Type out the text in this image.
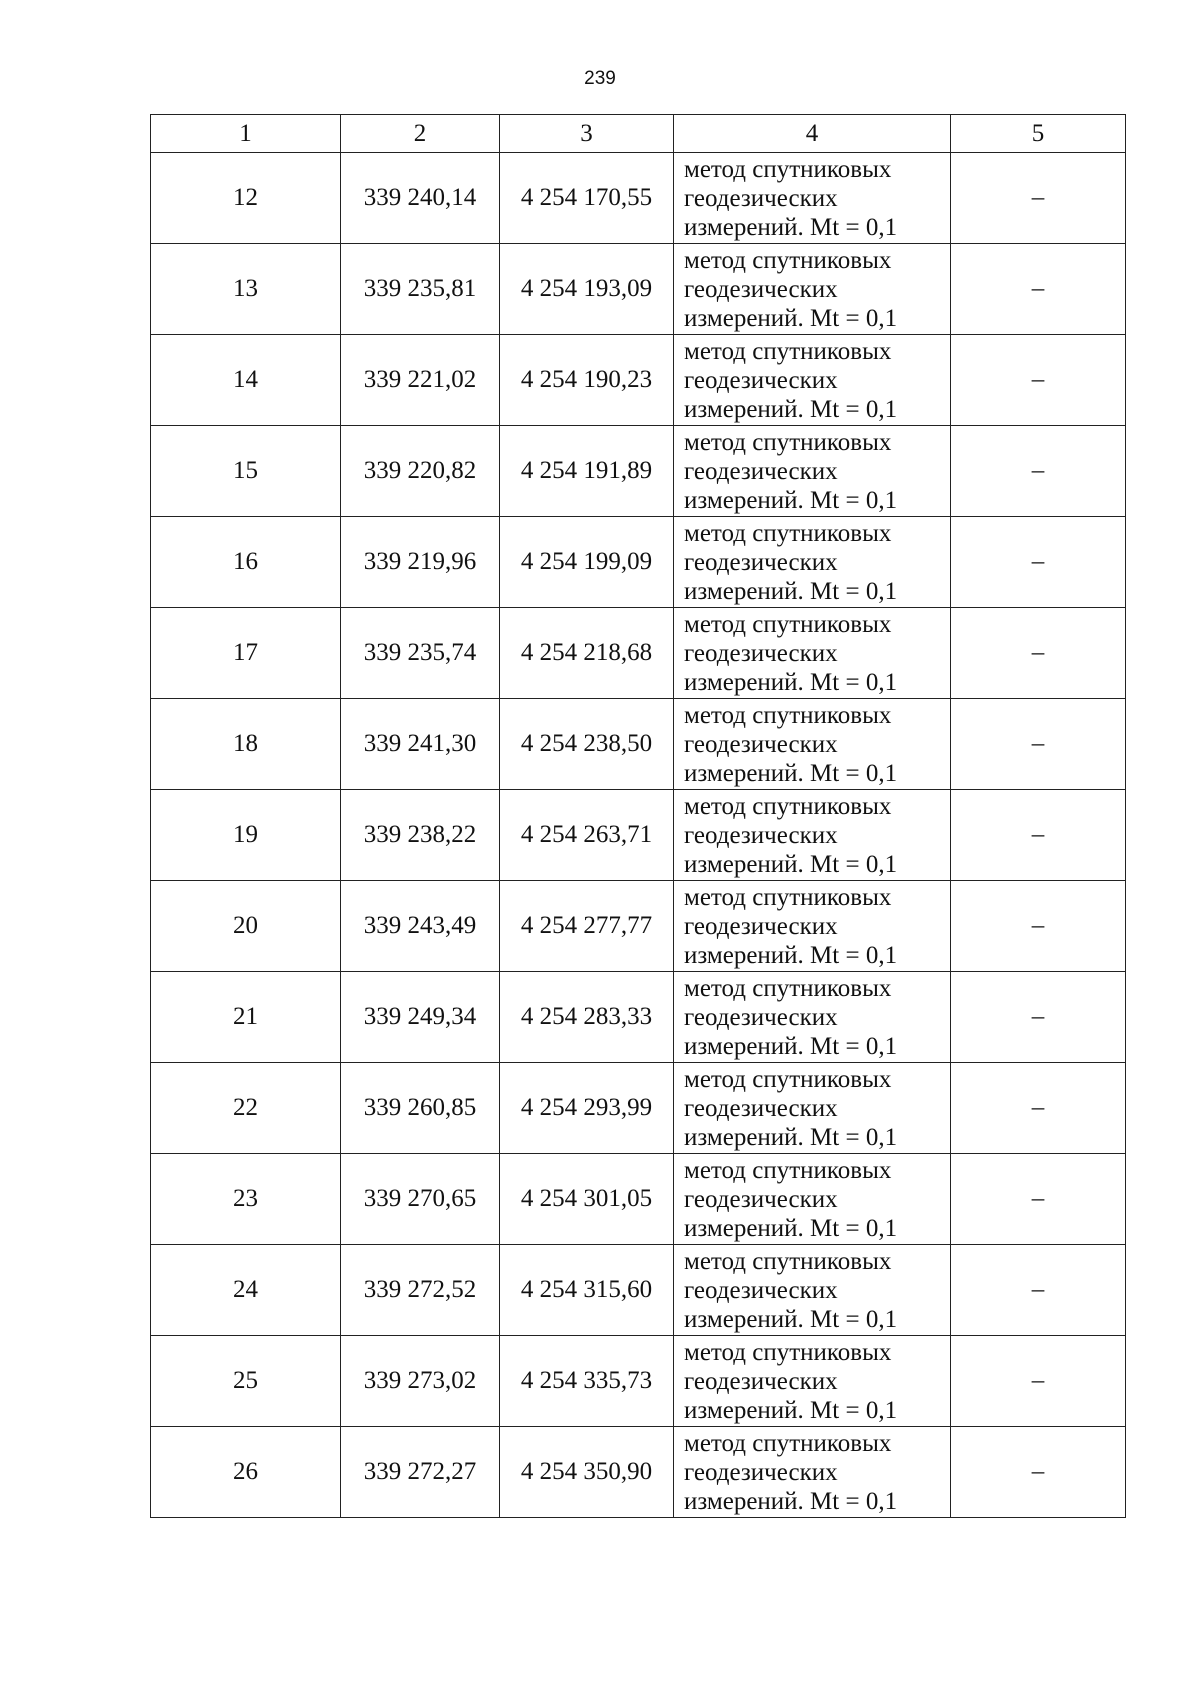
239
1	2	3	4	5
12	339 240,14	4 254 170,55	метод спутниковых геодезических измерений. Mt = 0,1	–
13	339 235,81	4 254 193,09	метод спутниковых геодезических измерений. Mt = 0,1	–
14	339 221,02	4 254 190,23	метод спутниковых геодезических измерений. Mt = 0,1	–
15	339 220,82	4 254 191,89	метод спутниковых геодезических измерений. Mt = 0,1	–
16	339 219,96	4 254 199,09	метод спутниковых геодезических измерений. Mt = 0,1	–
17	339 235,74	4 254 218,68	метод спутниковых геодезических измерений. Mt = 0,1	–
18	339 241,30	4 254 238,50	метод спутниковых геодезических измерений. Mt = 0,1	–
19	339 238,22	4 254 263,71	метод спутниковых геодезических измерений. Mt = 0,1	–
20	339 243,49	4 254 277,77	метод спутниковых геодезических измерений. Mt = 0,1	–
21	339 249,34	4 254 283,33	метод спутниковых геодезических измерений. Mt = 0,1	–
22	339 260,85	4 254 293,99	метод спутниковых геодезических измерений. Mt = 0,1	–
23	339 270,65	4 254 301,05	метод спутниковых геодезических измерений. Mt = 0,1	–
24	339 272,52	4 254 315,60	метод спутниковых геодезических измерений. Mt = 0,1	–
25	339 273,02	4 254 335,73	метод спутниковых геодезических измерений. Mt = 0,1	–
26	339 272,27	4 254 350,90	метод спутниковых геодезических измерений. Mt = 0,1	–
